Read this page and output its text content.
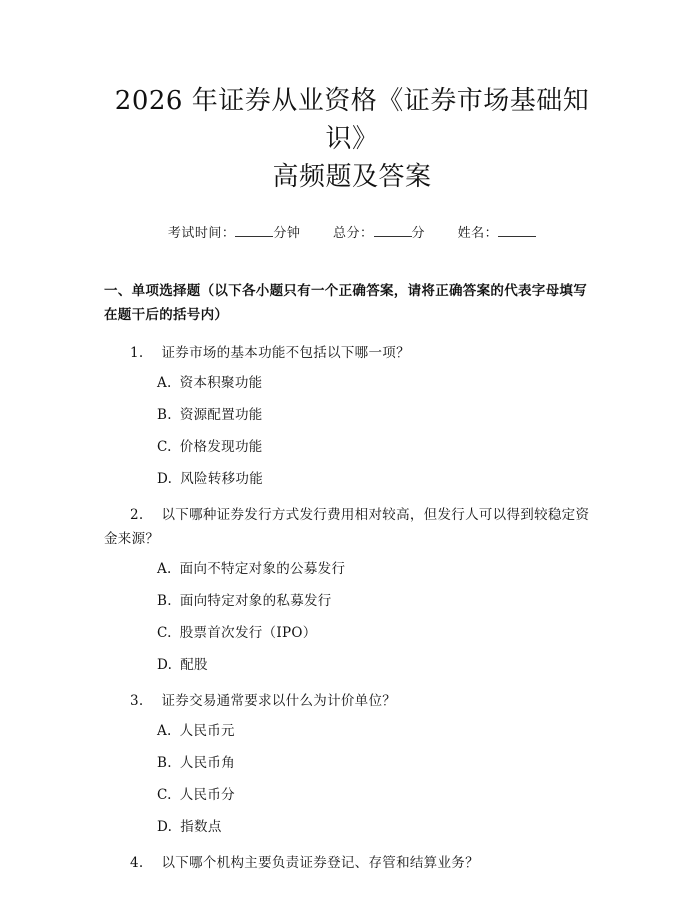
2026 年证券从业资格《证券市场基础知识》
高频题及答案
考试时间：	分钟	总分：	分	姓名：
一、单项选择题（以下各小题只有一个正确答案，请将正确答案的代表字母填写在题干后的括号内）
1. 证券市场的基本功能不包括以下哪一项？
A. 资本积聚功能
B. 资源配置功能
C. 价格发现功能
D. 风险转移功能
2. 以下哪种证券发行方式发行费用相对较高，但发行人可以得到较稳定资金来源？
A. 面向不特定对象的公募发行
B. 面向特定对象的私募发行
C. 股票首次发行（IPO）
D. 配股
3. 证券交易通常要求以什么为计价单位？
A. 人民币元
B. 人民币角
C. 人民币分
D. 指数点
4. 以下哪个机构主要负责证券登记、存管和结算业务？
